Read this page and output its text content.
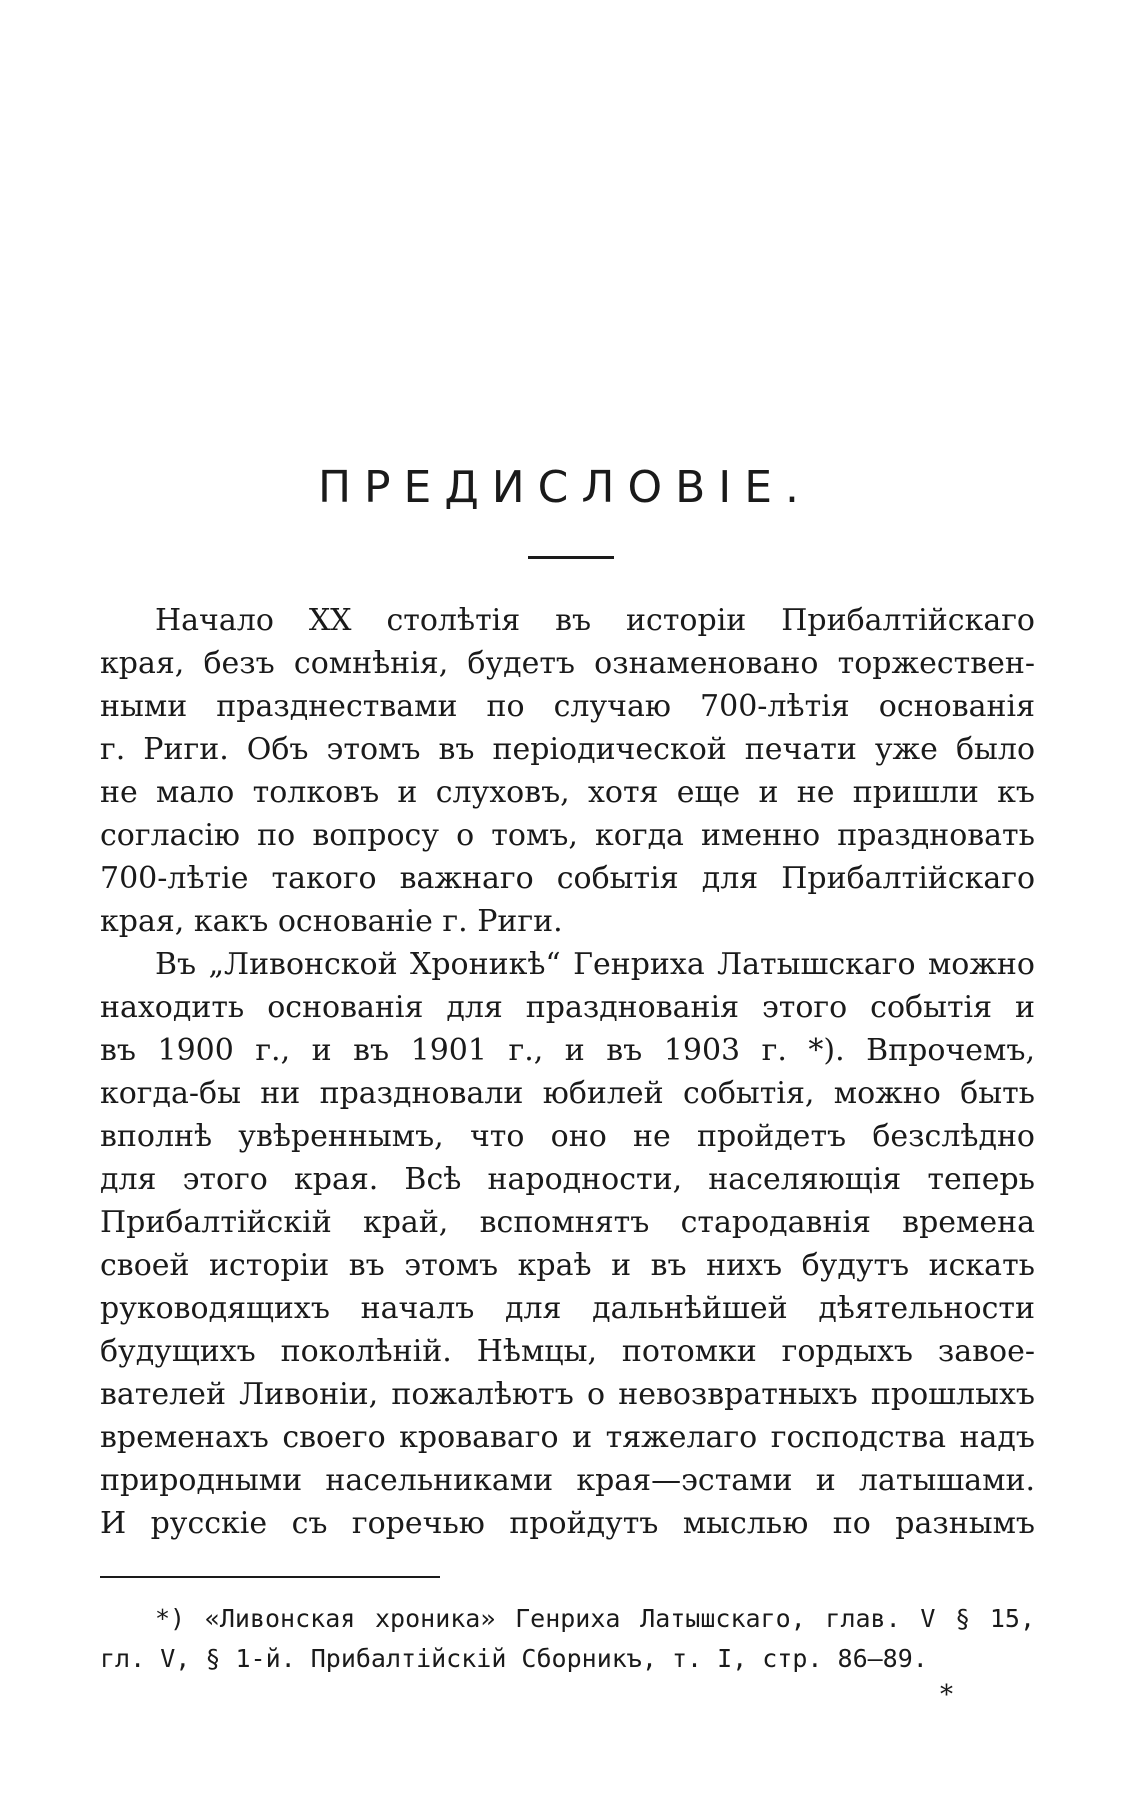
ПРЕДИСЛОВІЕ.
Начало XX столѣтія въ исторіи Прибалтійскаго
края, безъ сомнѣнія, будетъ ознаменовано торжествен-
ными празднествами по случаю 700-лѣтія основанія
г. Риги. Объ этомъ въ періодической печати уже было
не мало толковъ и слуховъ, хотя еще и не пришли къ
согласію по вопросу о томъ, когда именно праздновать
700-лѣтіе такого важнаго событія для Прибалтійскаго
края, какъ основаніе г. Риги.
Въ „Ливонской Хроникѣ“ Генриха Латышскаго можно
находить основанія для празднованія этого событія и
въ 1900 г., и въ 1901 г., и въ 1903 г. *). Впрочемъ,
когда-бы ни праздновали юбилей событія, можно быть
вполнѣ увѣреннымъ, что оно не пройдетъ безслѣдно
для этого края. Всѣ народности, населяющія теперь
Прибалтійскій край, вспомнятъ стародавнія времена
своей исторіи въ этомъ краѣ и въ нихъ будутъ искать
руководящихъ началъ для дальнѣйшей дѣятельности
будущихъ поколѣній. Нѣмцы, потомки гордыхъ завое-
вателей Ливоніи, пожалѣютъ о невозвратныхъ прошлыхъ
временахъ своего кроваваго и тяжелаго господства надъ
природными насельниками края—эстами и латышами.
И русскіе съ горечью пройдутъ мыслью по разнымъ
*) «Ливонская хроника» Генриха Латышскаго, глав. V § 15,
гл. V, § 1-й. Прибалтійскій Сборникъ, т. I, стр. 86—89.
*
